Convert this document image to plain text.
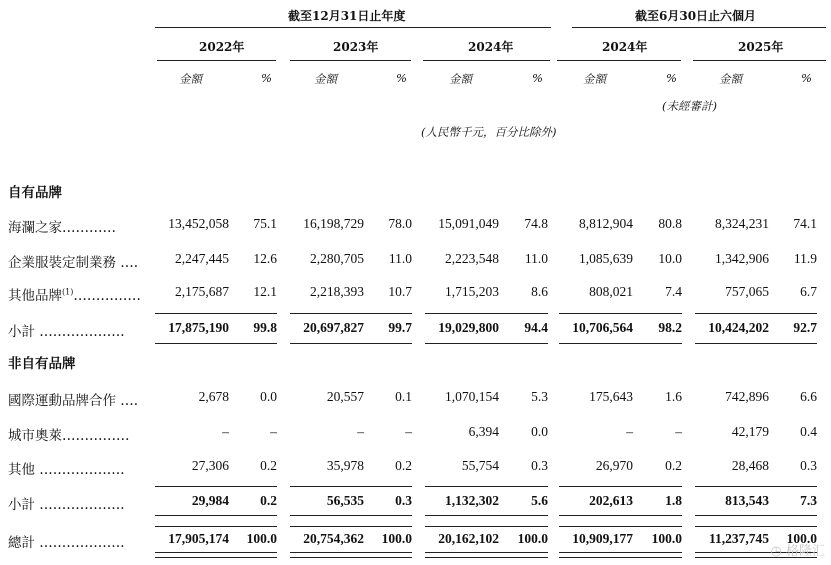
截至12月31日止年度	截至6月30日止六個月
2022年	2023年	2024年	2024年	2025年
金額	%	金額	%	金額	%	金額	%	金額	%
(未經審計)
(人民幣千元，百分比除外)
自有品牌
非自有品牌
海瀾之家…………	13,452,058	75.1	16,198,729	78.0	15,091,049	74.8	8,812,904	80.8	8,324,231	74.1
企業服裝定制業務 ….	2,247,445	12.6	2,280,705	11.0	2,223,548	11.0	1,085,639	10.0	1,342,906	11.9
其他品牌$^{(1)}$……………	2,175,687	12.1	2,218,393	10.7	1,715,203	8.6	808,021	7.4	757,065	6.7
小計 ……………….	17,875,190	99.8	20,697,827	99.7	19,029,800	94.4	10,706,564	98.2	10,424,202	92.7
國際運動品牌合作 ….	2,678	0.0	20,557	0.1	1,070,154	5.3	175,643	1.6	742,896	6.6
城市奧萊……………	–	–	–	–	6,394	0.0	–	–	42,179	0.4
其他 ……………….	27,306	0.2	35,978	0.2	55,754	0.3	26,970	0.2	28,468	0.3
小計 ……………….	29,984	0.2	56,535	0.3	1,132,302	5.6	202,613	1.8	813,543	7.3
總計 ……………….	17,905,174	100.0	20,754,362	100.0	20,162,102	100.0	10,909,177	100.0	11,237,745	100.0
◷ 格隆汇
